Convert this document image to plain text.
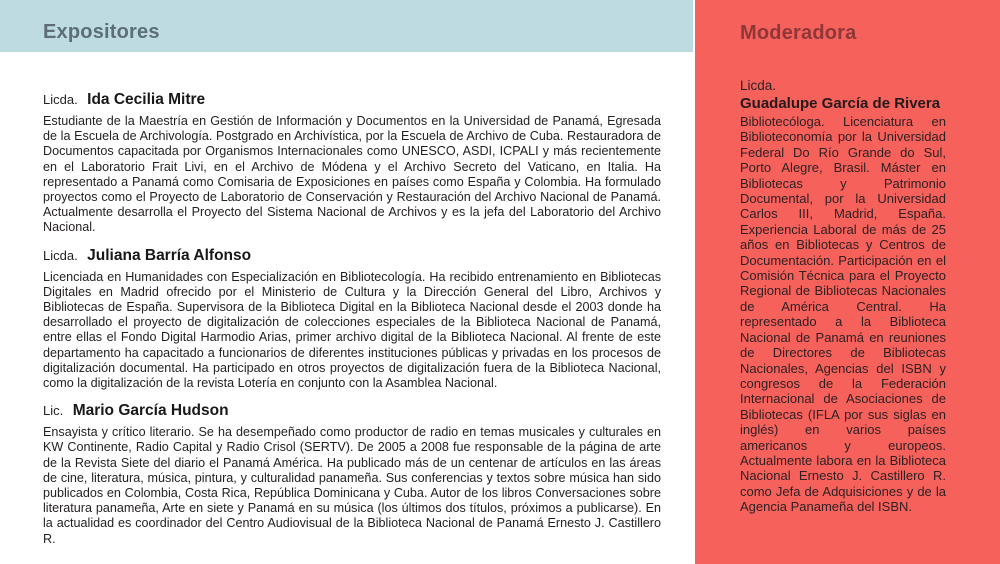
Expositores
Licda. Ida Cecilia Mitre

Estudiante de la Maestría en Gestión de Información y Documentos en la Universidad de Panamá, Egresada de la Escuela de Archivología. Postgrado en Archivística, por la Escuela de Archivo de Cuba. Restauradora de Documentos capacitada por Organismos Internacionales como UNESCO, ASDI, ICPALI y más recientemente en el Laboratorio Frait Livi, en el Archivo de Módena y el Archivo Secreto del Vaticano, en Italia. Ha representado a Panamá como Comisaria de Exposiciones en países como España y Colombia. Ha formulado proyectos como el Proyecto de Laboratorio de Conservación y Restauración del Archivo Nacional de Panamá. Actualmente desarrolla el Proyecto del Sistema Nacional de Archivos y es la jefa del Laboratorio del Archivo Nacional.

Licda. Juliana Barría Alfonso

Licenciada en Humanidades con Especialización en Bibliotecología. Ha recibido entrenamiento en Bibliotecas Digitales en Madrid ofrecido por el Ministerio de Cultura y la Dirección General del Libro, Archivos y Bibliotecas de España. Supervisora de la Biblioteca Digital en la Biblioteca Nacional desde el 2003 donde ha desarrollado el proyecto de digitalización de colecciones especiales de la Biblioteca Nacional de Panamá, entre ellas el Fondo Digital Harmodio Arias, primer archivo digital de la Biblioteca Nacional. Al frente de este departamento ha capacitado a funcionarios de diferentes instituciones públicas y privadas en los procesos de digitalización documental. Ha participado en otros proyectos de digitalización fuera de la Biblioteca Nacional, como la digitalización de la revista Lotería en conjunto con la Asamblea Nacional.

Lic. Mario García Hudson

Ensayista y crítico literario. Se ha desempeñado como productor de radio en temas musicales y culturales en KW Continente, Radio Capital y Radio Crisol (SERTV). De 2005 a 2008 fue responsable de la página de arte de la Revista Siete del diario el Panamá América. Ha publicado más de un centenar de artículos en las áreas de cine, literatura, música, pintura, y culturalidad panameña. Sus conferencias y textos sobre música han sido publicados en Colombia, Costa Rica, República Dominicana y Cuba. Autor de los libros Conversaciones sobre literatura panameña, Arte en siete y Panamá en su música (los últimos dos títulos, próximos a publicarse). En la actualidad es coordinador del Centro Audiovisual de la Biblioteca Nacional de Panamá Ernesto J. Castillero R.

Moderadora
Licda.
Guadalupe García de Rivera

Bibliotecóloga. Licenciatura en Biblioteconomía por la Universidad Federal Do Río Grande do Sul, Porto Alegre, Brasil. Máster en Bibliotecas y Patrimonio Documental, por la Universidad Carlos III, Madrid, España. Experiencia Laboral de más de 25 años en Bibliotecas y Centros de Documentación. Participación en el Comisión Técnica para el Proyecto Regional de Bibliotecas Nacionales de América Central. Ha representado a la Biblioteca Nacional de Panamá en reuniones de Directores de Bibliotecas Nacionales, Agencias del ISBN y congresos de la Federación Internacional de Asociaciones de Bibliotecas (IFLA por sus siglas en inglés) en varios países americanos y europeos. Actualmente labora en la Biblioteca Nacional Ernesto J. Castillero R. como Jefa de Adquisiciones y de la Agencia Panameña del ISBN.
